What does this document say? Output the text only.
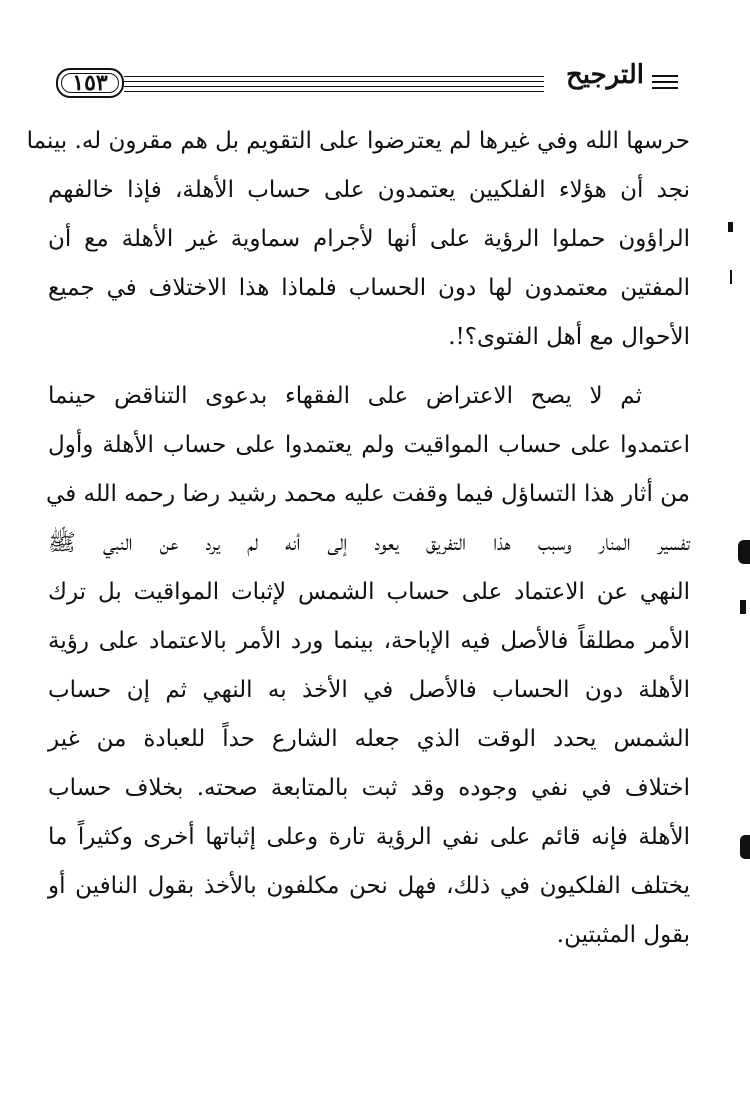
١٥٣	الترجيح
حرسها الله وفي غيرها لم يعترضوا على التقويم بل هم مقرون له. بينما
نجد أن هؤلاء الفلكيين يعتمدون على حساب الأهلة، فإذا خالفهم
الراؤون حملوا الرؤية على أنها لأجرام سماوية غير الأهلة مع أن
المفتين معتمدون لها دون الحساب فلماذا هذا الاختلاف في جميع
الأحوال مع أهل الفتوى؟!.
ثم لا يصح الاعتراض على الفقهاء بدعوى التناقض حينما
اعتمدوا على حساب المواقيت ولم يعتمدوا على حساب الأهلة وأول
من أثار هذا التساؤل فيما وقفت عليه محمد رشيد رضا رحمه الله في
تفسير المنار وسبب هذا التفريق يعود إلى أنه لم يرد عن النبي ﷺ
النهي عن الاعتماد على حساب الشمس لإثبات المواقيت بل ترك
الأمر مطلقاً فالأصل فيه الإباحة، بينما ورد الأمر بالاعتماد على رؤية
الأهلة دون الحساب فالأصل في الأخذ به النهي ثم إن حساب
الشمس يحدد الوقت الذي جعله الشارع حداً للعبادة من غير
اختلاف في نفي وجوده وقد ثبت بالمتابعة صحته. بخلاف حساب
الأهلة فإنه قائم على نفي الرؤية تارة وعلى إثباتها أخرى وكثيراً ما
يختلف الفلكيون في ذلك، فهل نحن مكلفون بالأخذ بقول النافين أو
بقول المثبتين.
